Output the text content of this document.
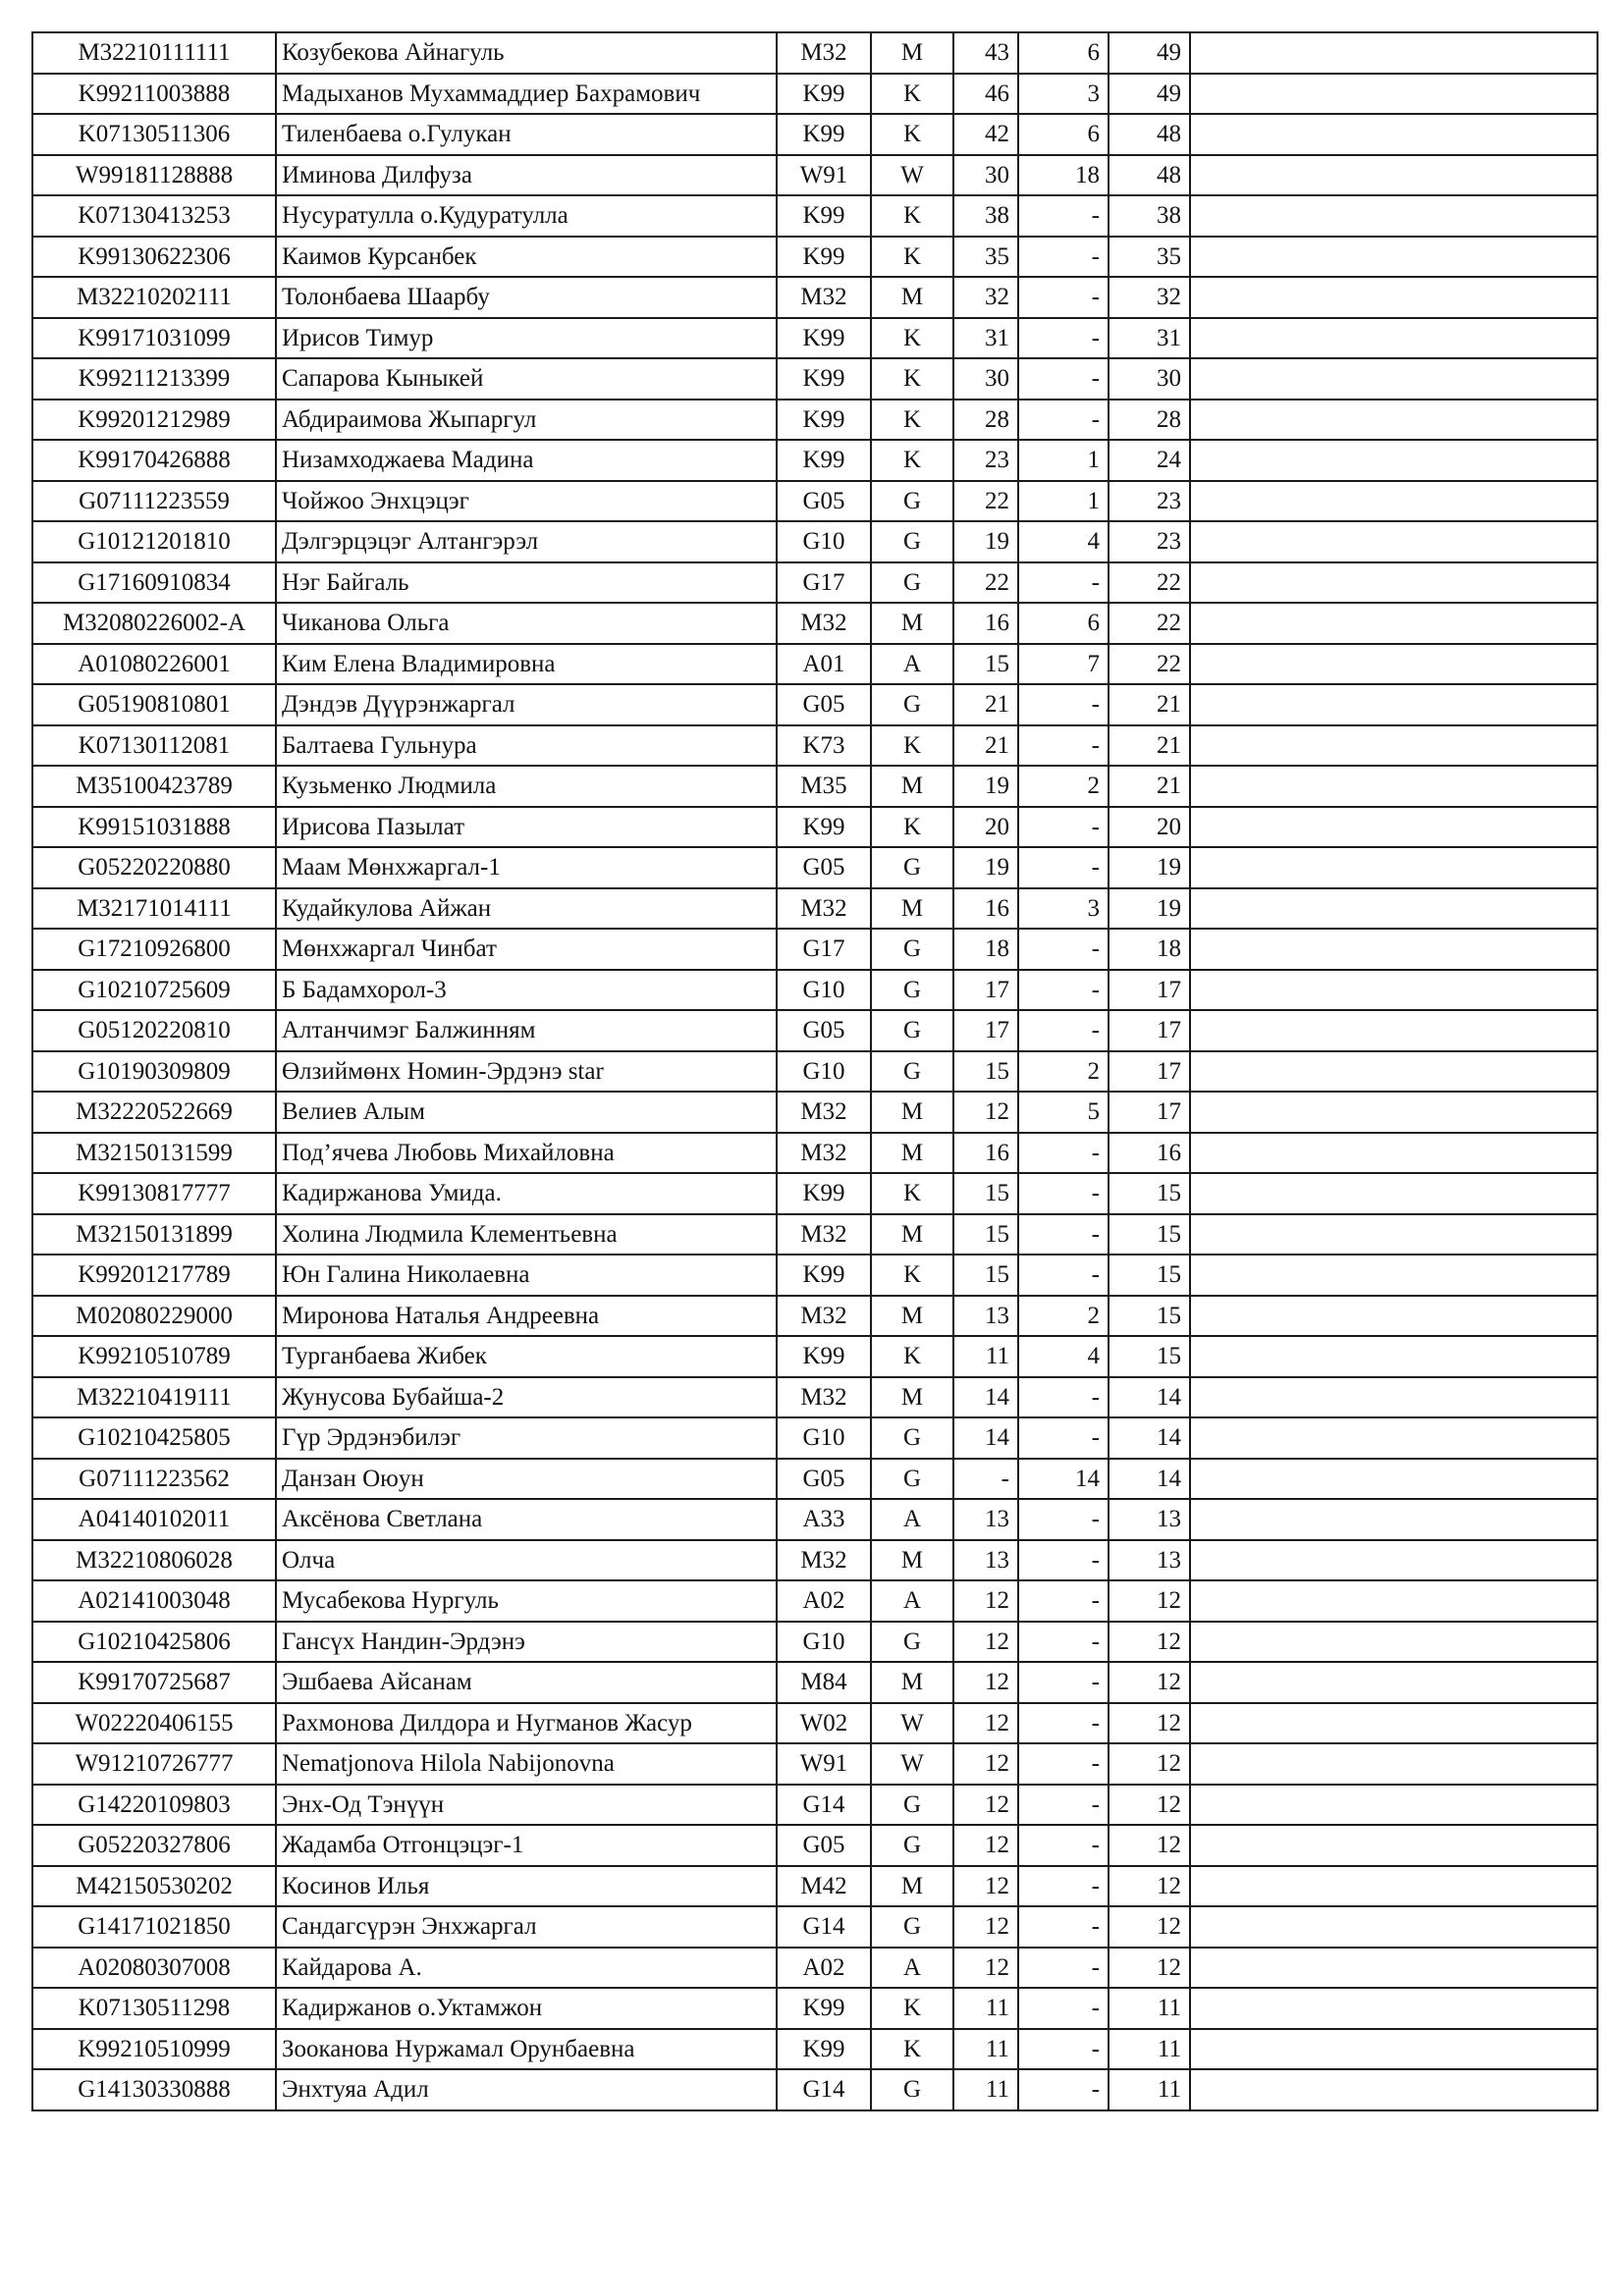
M32210111111	Козубекова Айнагуль	M32	M	43	6	49	
K99211003888	Мадыханов Мухаммаддиер Бахрамович	K99	K	46	3	49	
K07130511306	Тиленбаева о.Гулукан	K99	K	42	6	48	
W99181128888	Иминова Дилфуза	W91	W	30	18	48	
K07130413253	Нусуратулла о.Кудуратулла	K99	K	38	-	38	
K99130622306	Каимов Курсанбек	K99	K	35	-	35	
M32210202111	Толонбаева Шаарбу	M32	M	32	-	32	
K99171031099	Ирисов Тимур	K99	K	31	-	31	
K99211213399	Сапарова Кыныкей	K99	K	30	-	30	
K99201212989	Абдираимова Жыпаргул	K99	K	28	-	28	
K99170426888	Низамходжаева Мадина	K99	K	23	1	24	
G07111223559	Чойжоо Энхцэцэг	G05	G	22	1	23	
G10121201810	Дэлгэрцэцэг Алтангэрэл	G10	G	19	4	23	
G17160910834	Нэг Байгаль	G17	G	22	-	22	
M32080226002-A	Чиканова Ольга	M32	M	16	6	22	
A01080226001	Ким Елена Владимировна	A01	A	15	7	22	
G05190810801	Дэндэв Дүүрэнжаргал	G05	G	21	-	21	
K07130112081	Балтаева Гульнура	K73	K	21	-	21	
M35100423789	Кузьменко Людмила	M35	M	19	2	21	
K99151031888	Ирисова Пазылат	K99	K	20	-	20	
G05220220880	Маам Мөнхжаргал-1	G05	G	19	-	19	
M32171014111	Кудайкулова Айжан	M32	M	16	3	19	
G17210926800	Мөнхжаргал Чинбат	G17	G	18	-	18	
G10210725609	Б Бадамхорол-3	G10	G	17	-	17	
G05120220810	Алтанчимэг Балжинням	G05	G	17	-	17	
G10190309809	Өлзиймөнх Номин-Эрдэнэ star	G10	G	15	2	17	
M32220522669	Велиев Алым	M32	M	12	5	17	
M32150131599	Под’ячева Любовь Михайловна	M32	M	16	-	16	
K99130817777	Кадиржанова Умида.	K99	K	15	-	15	
M32150131899	Холина Людмила Клементьевна	M32	M	15	-	15	
K99201217789	Юн Галина Николаевна	K99	K	15	-	15	
M02080229000	Миронова Наталья Андреевна	M32	M	13	2	15	
K99210510789	Турганбаева Жибек	K99	K	11	4	15	
M32210419111	Жунусова Бубайша-2	M32	M	14	-	14	
G10210425805	Гүр Эрдэнэбилэг	G10	G	14	-	14	
G07111223562	Данзан Оюун	G05	G	-	14	14	
A04140102011	Аксёнова Светлана	A33	A	13	-	13	
M32210806028	Олча	M32	M	13	-	13	
A02141003048	Мусабекова Нургуль	A02	A	12	-	12	
G10210425806	Гансүх Нандин-Эрдэнэ	G10	G	12	-	12	
K99170725687	Эшбаева Айсанам	M84	M	12	-	12	
W02220406155	Рахмонова Дилдора и Нугманов Жасур	W02	W	12	-	12	
W91210726777	Nematjonova Hilola Nabijonovna	W91	W	12	-	12	
G14220109803	Энх-Од Тэнүүн	G14	G	12	-	12	
G05220327806	Жадамба Отгонцэцэг-1	G05	G	12	-	12	
M42150530202	Косинов Илья	M42	M	12	-	12	
G14171021850	Сандагсүрэн Энхжаргал	G14	G	12	-	12	
A02080307008	Кайдарова А.	A02	A	12	-	12	
K07130511298	Кадиржанов о.Уктамжон	K99	K	11	-	11	
K99210510999	Зооканова Нуржамал Орунбаевна	K99	K	11	-	11	
G14130330888	Энхтуяа Адил	G14	G	11	-	11	
